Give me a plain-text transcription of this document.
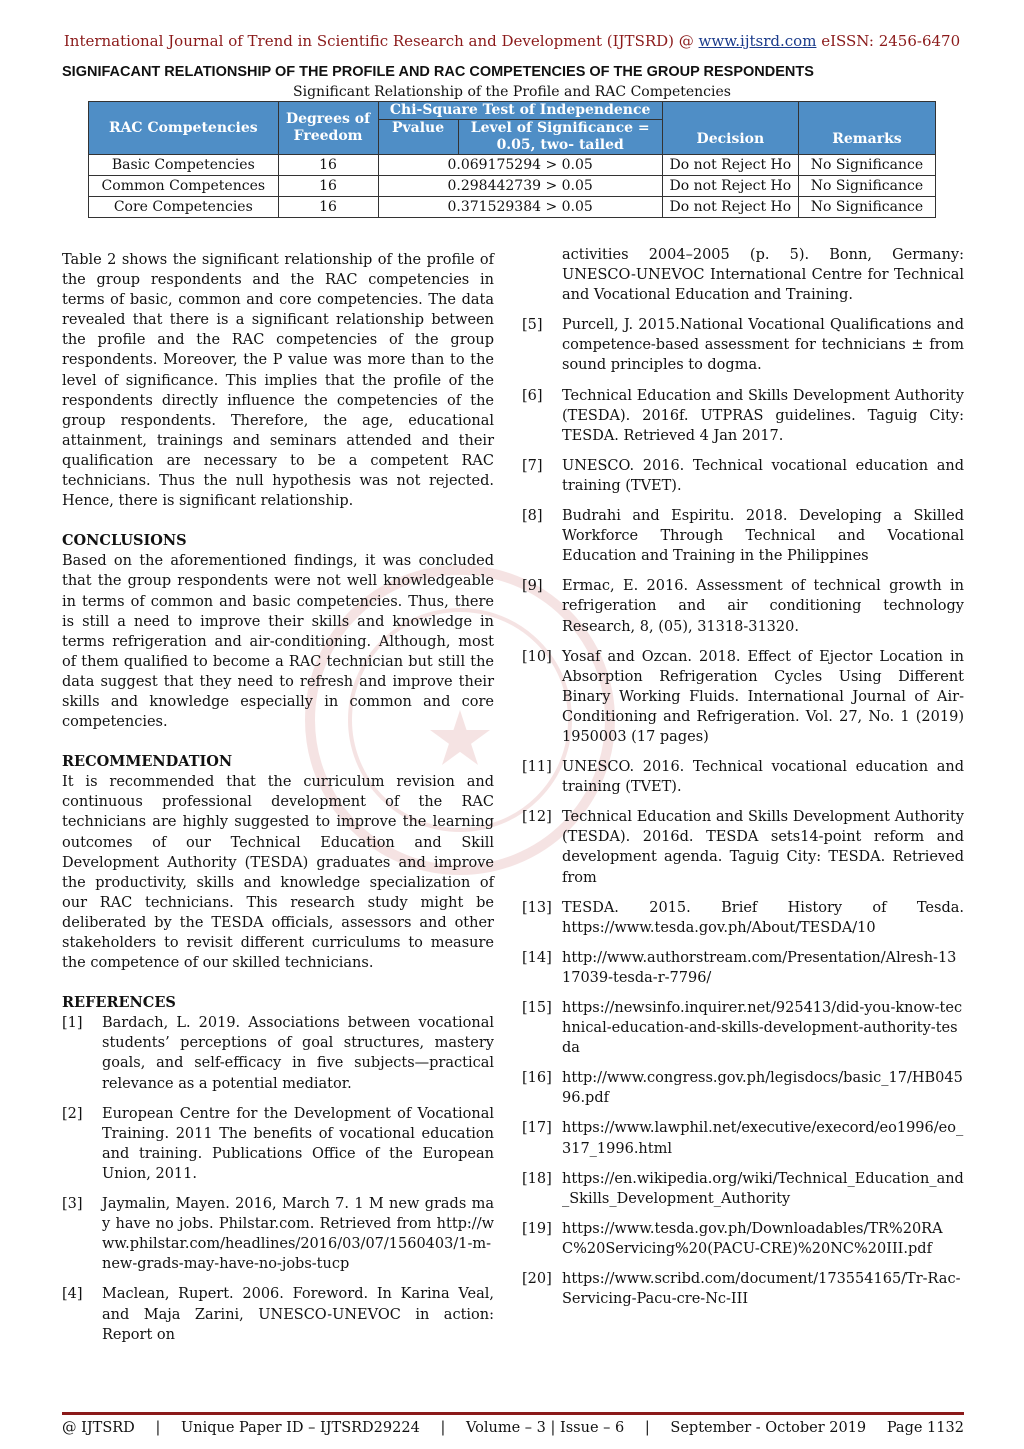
International Journal of Trend in Scientific Research and Development (IJTSRD) @ www.ijtsrd.com eISSN: 2456-6470
SIGNIFACANT RELATIONSHIP OF THE PROFILE AND RAC COMPETENCIES OF THE GROUP RESPONDENTS
Significant Relationship of the Profile and RAC Competencies
RAC Competencies	Degrees of Freedom	Chi-Square Test of Independence		Decision	Remarks
		Pvalue	Level of Significance = 0.05, two- tailed		
Basic Competencies	16	0.069175294 > 0.05		Do not Reject Ho	No Significance
Common Competences	16	0.298442739 > 0.05		Do not Reject Ho	No Significance
Core Competencies	16	0.371529384 > 0.05		Do not Reject Ho	No Significance

Table 2 shows the significant relationship of the profile of the group respondents and the RAC competencies in terms of basic, common and core competencies. The data revealed that there is a significant relationship between the profile and the RAC competencies of the group respondents. Moreover, the P value was more than to the level of significance. This implies that the profile of the respondents directly influence the competencies of the group respondents. Therefore, the age, educational attainment, trainings and seminars attended and their qualification are necessary to be a competent RAC technicians. Thus the null hypothesis was not rejected. Hence, there is significant relationship.

CONCLUSIONS

Based on the aforementioned findings, it was concluded that the group respondents were not well knowledgeable in terms of common and basic competencies. Thus, there is still a need to improve their skills and knowledge in terms refrigeration and air-conditioning. Although, most of them qualified to become a RAC technician but still the data suggest that they need to refresh and improve their skills and knowledge especially in common and core competencies.

RECOMMENDATION

It is recommended that the curriculum revision and continuous professional development of the RAC technicians are highly suggested to improve the learning outcomes of our Technical Education and Skill Development Authority (TESDA) graduates and improve the productivity, skills and knowledge specialization of our RAC technicians. This research study might be deliberated by the TESDA officials, assessors and other stakeholders to revisit different curriculums to measure the competence of our skilled technicians.

REFERENCES

[1]	Bardach, L. 2019. Associations between vocational students’ perceptions of goal structures, mastery goals, and self-efficacy in five subjects—practical relevance as a potential mediator.
[2]	European Centre for the Development of Vocational Training. 2011 The benefits of vocational education and training. Publications Office of the European Union, 2011.
[3]	Jaymalin, Mayen. 2016, March 7. 1 M new grads may have no jobs. Philstar.com. Retrieved from http://www.philstar.com/headlines/2016/03/07/1560403/1-m-new-grads-may-have-no-jobs-tucp
[4]	Maclean, Rupert. 2006. Foreword. In Karina Veal, and Maja Zarini, UNESCO-UNEVOC in action: Report on
activities 2004–2005 (p. 5). Bonn, Germany: UNESCO-UNEVOC International Centre for Technical and Vocational Education and Training.
[5]	Purcell, J. 2015.National Vocational Qualifications and competence-based assessment for technicians ± from sound principles to dogma.
[6]	Technical Education and Skills Development Authority (TESDA). 2016f. UTPRAS guidelines. Taguig City: TESDA. Retrieved 4 Jan 2017.
[7]	UNESCO. 2016. Technical vocational education and training (TVET).
[8]	Budrahi and Espiritu. 2018. Developing a Skilled Workforce Through Technical and Vocational Education and Training in the Philippines
[9]	Ermac, E. 2016. Assessment of technical growth in refrigeration and air conditioning technology Research, 8, (05), 31318-31320.
[10] Yosaf and Ozcan. 2018. Effect of Ejector Location in Absorption Refrigeration Cycles Using Different Binary Working Fluids. International Journal of Air-Conditioning and Refrigeration. Vol. 27, No. 1 (2019) 1950003 (17 pages)
[11] UNESCO. 2016. Technical vocational education and training (TVET).
[12] Technical Education and Skills Development Authority (TESDA). 2016d. TESDA sets14-point reform and development agenda. Taguig City: TESDA. Retrieved from
[13] TESDA. 2015. Brief History of Tesda. https://www.tesda.gov.ph/About/TESDA/10
[14] http://www.authorstream.com/Presentation/Alresh-1317039-tesda-r-7796/
[15] https://newsinfo.inquirer.net/925413/did-you-know-technical-education-and-skills-development-authority-tesda
[16] http://www.congress.gov.ph/legisdocs/basic_17/HB04596.pdf
[17] https://www.lawphil.net/executive/execord/eo1996/eo_317_1996.html
[18] https://en.wikipedia.org/wiki/Technical_Education_and_Skills_Development_Authority
[19] https://www.tesda.gov.ph/Downloadables/TR%20RAC%20Servicing%20(PACU-CRE)%20NC%20III.pdf
[20] https://www.scribd.com/document/173554165/Tr-Rac-Servicing-Pacu-cre-Nc-III
@ IJTSRD | Unique Paper ID – IJTSRD29224 | Volume – 3 | Issue – 6 | September - October 2019 Page 1132
